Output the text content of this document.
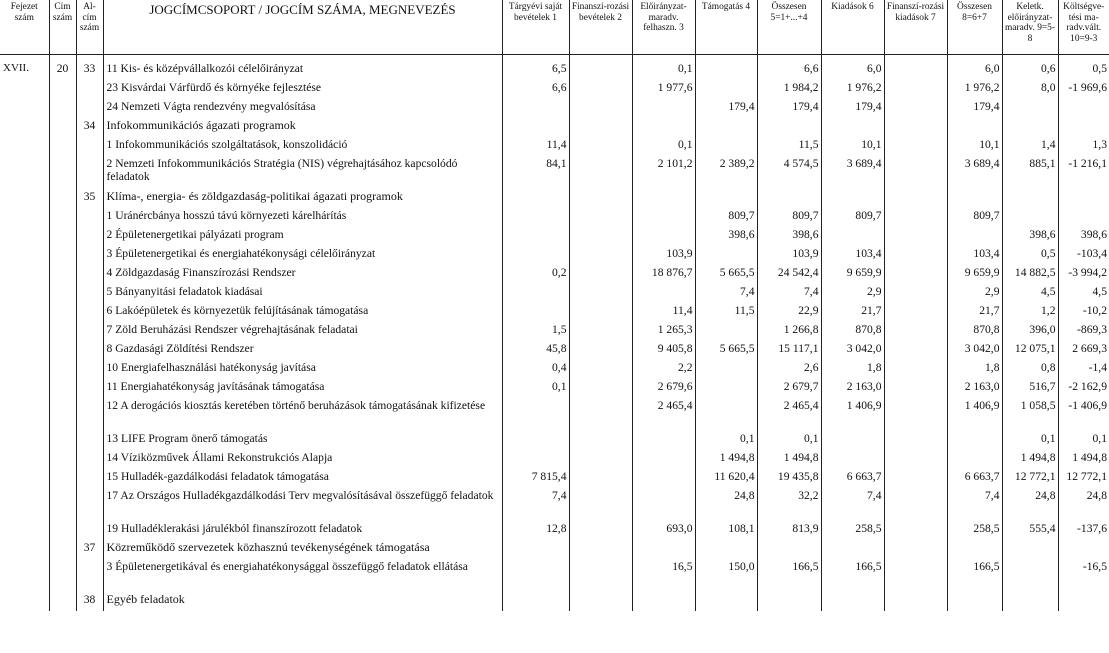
Fejezet szám	Cím szám	Al-cím szám	JOGCÍMCSOPORT / JOGCÍM SZÁMA, MEGNEVEZÉS	Tárgyévi saját bevételek 1	Finanszí-rozási bevételek 2	Előirányzat-maradv. felhaszn. 3	Támogatás 4	Összesen 5=1+...+4	Kiadások 6	Finanszí-rozási kiadások 7	Összesen 8=6+7	Keletk. előirányzat-maradv. 9=5-8	Költségve-tési ma-radv.vált. 10=9-3
XVII.	20	33	11 Kis- és középvállalkozói célelőirányzat	6,5		0,1		6,6	6,0		6,0	0,6	0,5
			23 Kisvárdai Várfürdő és környéke fejlesztése	6,6		1 977,6		1 984,2	1 976,2		1 976,2	8,0	-1 969,6
			24 Nemzeti Vágta rendezvény megvalósítása				179,4	179,4	179,4		179,4		
		34	Infokommunikációs ágazati programok										
			1 Infokommunikációs szolgáltatások, konszolidáció	11,4		0,1		11,5	10,1		10,1	1,4	1,3
			2 Nemzeti Infokommunikációs Stratégia (NIS) végrehajtásához kapcsolódó feladatok	84,1		2 101,2	2 389,2	4 574,5	3 689,4		3 689,4	885,1	-1 216,1
		35	Klíma-, energia- és zöldgazdaság-politikai ágazati programok										
			1 Uránércbánya hosszú távú környezeti kárelhárítás				809,7	809,7	809,7		809,7		
			2 Épületenergetikai pályázati program				398,6	398,6				398,6	398,6
			3 Épületenergetikai és energiahatékonysági célelőirányzat			103,9		103,9	103,4		103,4	0,5	-103,4
			4 Zöldgazdaság Finanszírozási Rendszer	0,2		18 876,7	5 665,5	24 542,4	9 659,9		9 659,9	14 882,5	-3 994,2
			5 Bányanyitási feladatok kiadásai				7,4	7,4	2,9		2,9	4,5	4,5
			6 Lakóépületek és környezetük felújításának támogatása			11,4	11,5	22,9	21,7		21,7	1,2	-10,2
			7 Zöld Beruházási Rendszer végrehajtásának feladatai	1,5		1 265,3		1 266,8	870,8		870,8	396,0	-869,3
			8 Gazdasági Zöldítési Rendszer	45,8		9 405,8	5 665,5	15 117,1	3 042,0		3 042,0	12 075,1	2 669,3
			10 Energiafelhasználási hatékonyság javítása	0,4		2,2		2,6	1,8		1,8	0,8	-1,4
			11 Energiahatékonyság javításának támogatása	0,1		2 679,6		2 679,7	2 163,0		2 163,0	516,7	-2 162,9
			12 A derogációs kiosztás keretében történő beruházások támogatásának kifizetése			2 465,4		2 465,4	1 406,9		1 406,9	1 058,5	-1 406,9
			13 LIFE Program önerő támogatás				0,1	0,1				0,1	0,1
			14 Víziközművek Állami Rekonstrukciós Alapja				1 494,8	1 494,8				1 494,8	1 494,8
			15 Hulladék-gazdálkodási feladatok támogatása	7 815,4			11 620,4	19 435,8	6 663,7		6 663,7	12 772,1	12 772,1
			17 Az Országos Hulladékgazdálkodási Terv megvalósításával összefüggő feladatok	7,4			24,8	32,2	7,4		7,4	24,8	24,8
			19 Hulladéklerakási járulékból finanszírozott feladatok	12,8		693,0	108,1	813,9	258,5		258,5	555,4	-137,6
		37	Közreműködő szervezetek közhasznú tevékenységének támogatása										
			3 Épületenergetikával és energiahatékonysággal összefüggő feladatok ellátása			16,5	150,0	166,5	166,5		166,5		-16,5
		38	Egyéb feladatok										
